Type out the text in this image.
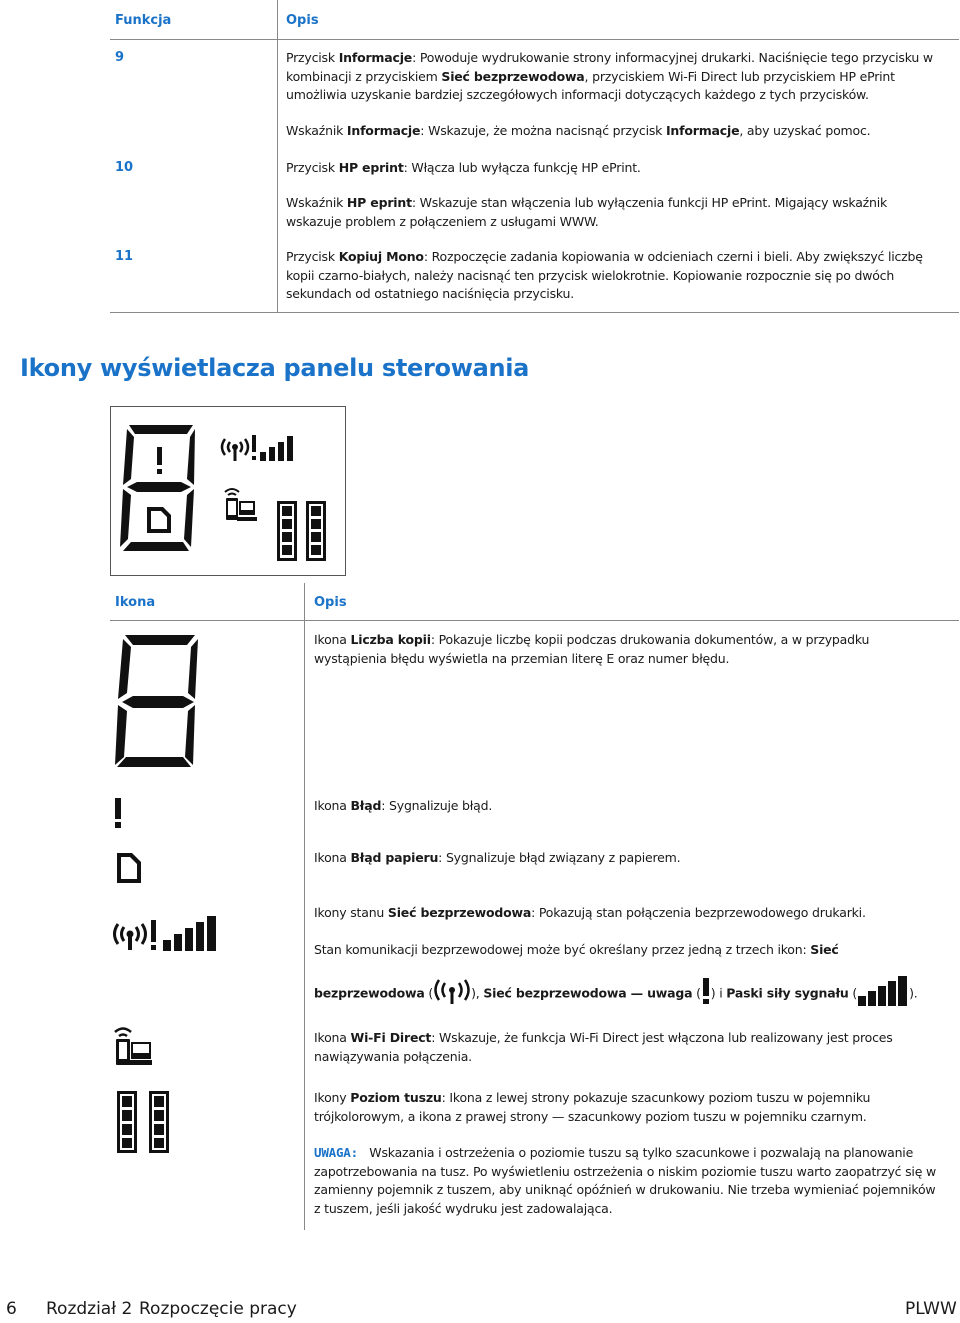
Funkcja	Opis
9	Przycisk Informacje: Powoduje wydrukowanie strony informacyjnej drukarki. Naciśnięcie tego przycisku w kombinacji z przyciskiem Sieć bezprzewodowa, przyciskiem Wi-Fi Direct lub przyciskiem HP ePrint umożliwia uzyskanie bardziej szczegółowych informacji dotyczących każdego z tych przycisków.
Wskaźnik Informacje: Wskazuje, że można nacisnąć przycisk Informacje, aby uzyskać pomoc.
10	Przycisk HP eprint: Włącza lub wyłącza funkcję HP ePrint.
Wskaźnik HP eprint: Wskazuje stan włączenia lub wyłączenia funkcji HP ePrint. Migający wskaźnik wskazuje problem z połączeniem z usługami WWW.
11	Przycisk Kopiuj Mono: Rozpoczęcie zadania kopiowania w odcieniach czerni i bieli. Aby zwiększyć liczbę kopii czarno-białych, należy nacisnąć ten przycisk wielokrotnie. Kopiowanie rozpocznie się po dwóch sekundach od ostatniego naciśnięcia przycisku.
Ikony wyświetlacza panelu sterowania
Ikona	Opis
Ikona Liczba kopii: Pokazuje liczbę kopii podczas drukowania dokumentów, a w przypadku wystąpienia błędu wyświetla na przemian literę E oraz numer błędu.
Ikona Błąd: Sygnalizuje błąd.
Ikona Błąd papieru: Sygnalizuje błąd związany z papierem.
Ikony stanu Sieć bezprzewodowa: Pokazują stan połączenia bezprzewodowego drukarki.
Stan komunikacji bezprzewodowej może być określany przez jedną z trzech ikon: Sieć
bezprzewodowa (	), Sieć bezprzewodowa — uwaga ( ) i Paski siły sygnału (	).
Ikona Wi-Fi Direct: Wskazuje, że funkcja Wi-Fi Direct jest włączona lub realizowany jest proces nawiązywania połączenia.
Ikony Poziom tuszu: Ikona z lewej strony pokazuje szacunkowy poziom tuszu w pojemniku trójkolorowym, a ikona z prawej strony — szacunkowy poziom tuszu w pojemniku czarnym.
UWAGA: Wskazania i ostrzeżenia o poziomie tuszu są tylko szacunkowe i pozwalają na planowanie zapotrzebowania na tusz. Po wyświetleniu ostrzeżenia o niskim poziomie tuszu warto zaopatrzyć się w zamienny pojemnik z tuszem, aby uniknąć opóźnień w drukowaniu. Nie trzeba wymieniać pojemników z tuszem, jeśli jakość wydruku jest zadowalająca.
6 Rozdział 2 Rozpoczęcie pracy	PLWW
